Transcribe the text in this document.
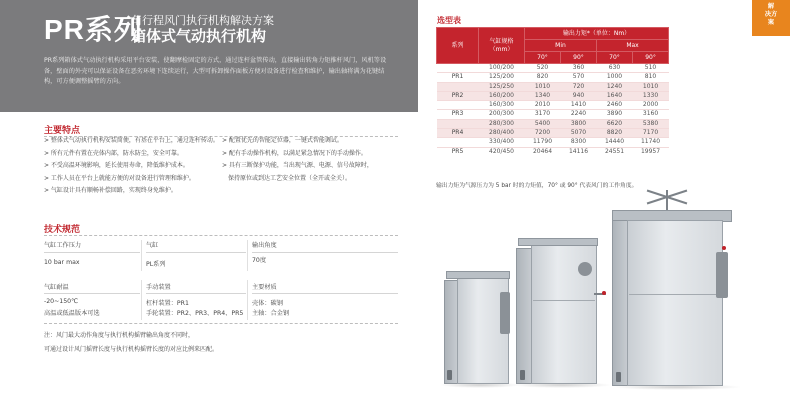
PR系列
角行程风门执行机构解决方案
箱体式气动执行机构
PR系列箱体式气动执行机构采用平台安装，使翻摩检固定的方式，通过连杆盆管传动，直接输出转角力矩推杆风门，风机等设备，壁面的外壳可以保证设备在恶劣环境下连续运行，大型可拆卸操作面板方便对设备进行检查和维护，输出轴将满为花键结构，可方便调整摇臂的方向。
解
决方
案
主要特点
> 整体式气动执行机构安装简便，有基在平台上，通过连杆传动。
> 所有元件有置在壳体内部，防水防尘，安全可靠。
> 不受高温环境影响，延长使用寿命，降低维护成本。
> 工作人员在平台上就能方便的对设备进行管理和维护。
> 气缸设计具有顺畅补偿回路，实现终身免维护。
> 配置优先的智能定位器，一键式智能调试。
> 配有手动操作机构，以满足紧急情况下的手动操作。
> 具有三断保护功能，当出现气源、电源、信号故障时，
保持原位或到达工艺安全位置（全开或全关）。
技术规范
气缸工作压力
10 bar max
气缸
PL系列
输出角度
70度
气缸耐温
-20~150℃
高温或低温版本可选
手动装置
杠杆装置：PR1
手轮装置：PR2、PR3、PR4、PR5
主要材质
壳体：碳钢
主轴：合金钢
注：风门最大动作角度与执行机构摇臂输出角度不同时，
可通过设计风门摇臂长度与执行机构摇臂长度的对应比例来匹配。
选型表
系列	气缸规格
（mm）	输出力矩*（单位：Nm）			
		Min		Max	
		70°	90°	70°	90°
	100/200	520	360	630	510
PR1	125/200	820	570	1000	810
	125/250	1010	720	1240	1010
PR2	160/200	1340	940	1640	1330
	160/300	2010	1410	2460	2000
PR3	200/300	3170	2240	3890	3160
	280/300	5400	3800	6620	5380
PR4	280/400	7200	5070	8820	7170
	330/400	11790	8300	14440	11740
PR5	420/450	20464	14116	24551	19957
输出力矩为气源压力为 5 bar 时的力矩值，70° 或 90° 代表风门的工作角度。
